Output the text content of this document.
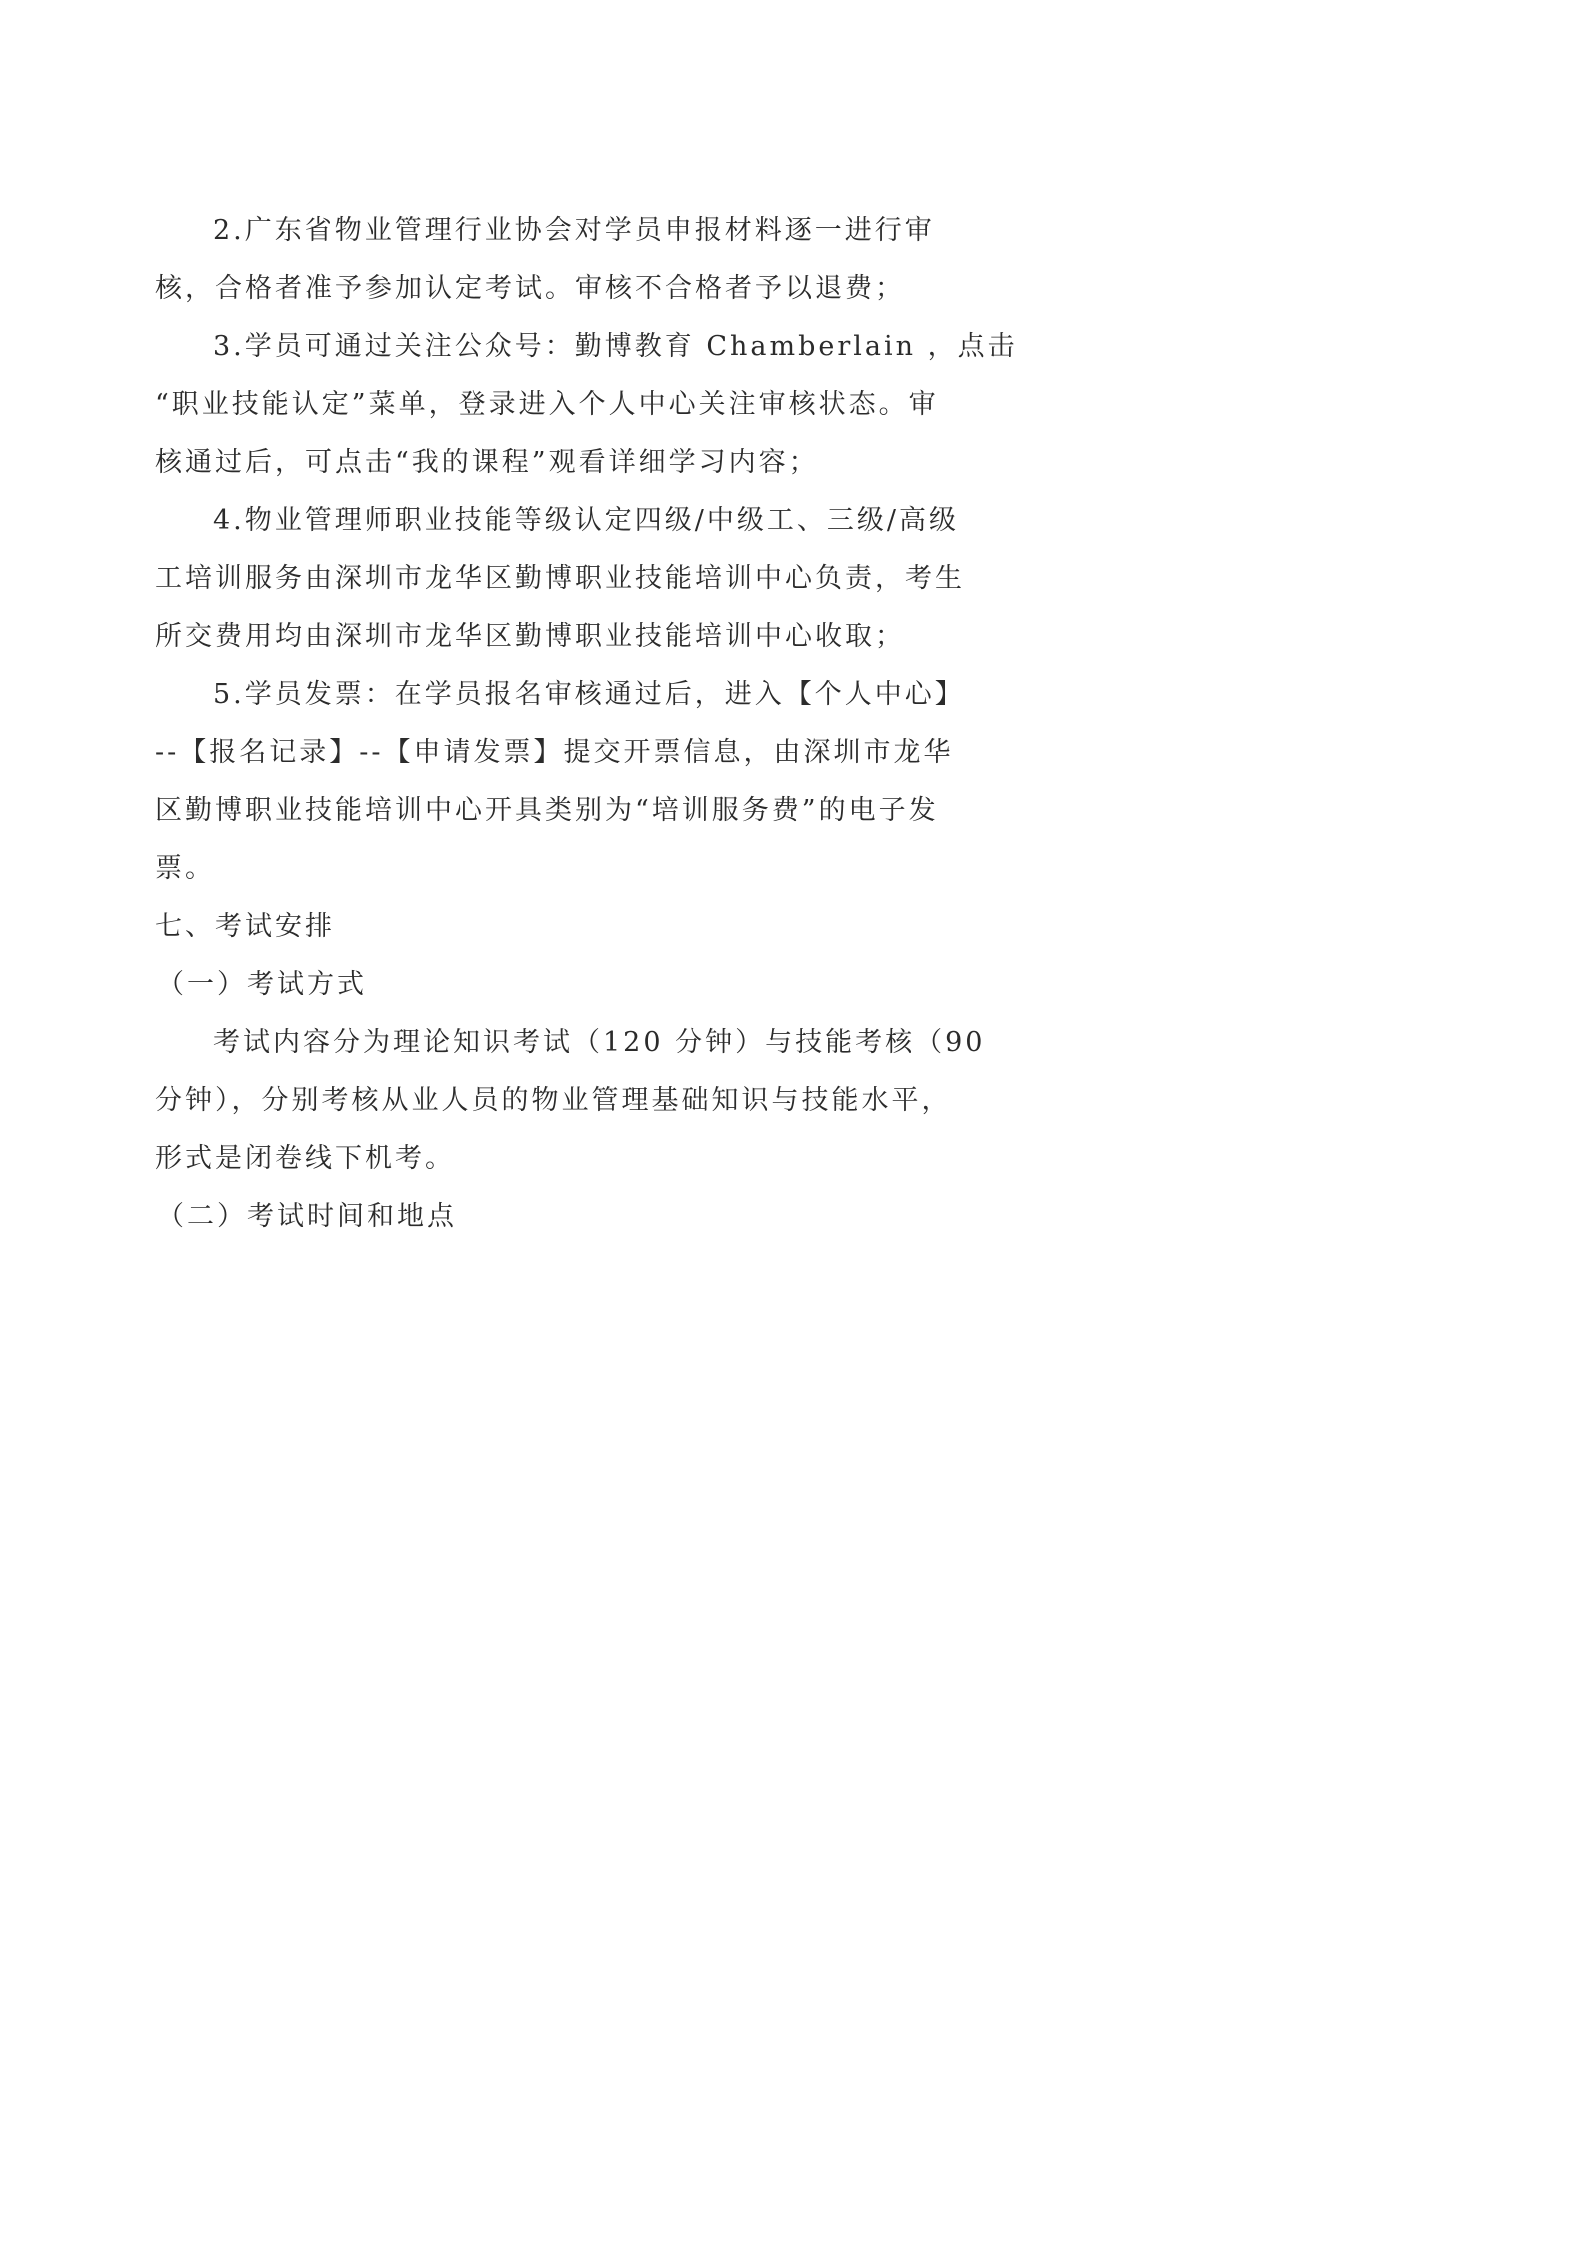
2.广东省物业管理行业协会对学员申报材料逐一进行审
核，合格者准予参加认定考试。审核不合格者予以退费；
3.学员可通过关注公众号：勤博教育 Chamberlain ，点击
“职业技能认定”菜单，登录进入个人中心关注审核状态。审
核通过后，可点击“我的课程”观看详细学习内容；
4.物业管理师职业技能等级认定四级/中级工、三级/高级
工培训服务由深圳市龙华区勤博职业技能培训中心负责，考生
所交费用均由深圳市龙华区勤博职业技能培训中心收取；
5.学员发票：在学员报名审核通过后，进入【个人中心】
--【报名记录】--【申请发票】提交开票信息，由深圳市龙华
区勤博职业技能培训中心开具类别为“培训服务费”的电子发
票。
七、考试安排
（一）考试方式
考试内容分为理论知识考试（120 分钟）与技能考核（90
分钟），分别考核从业人员的物业管理基础知识与技能水平，
形式是闭卷线下机考。
（二）考试时间和地点
